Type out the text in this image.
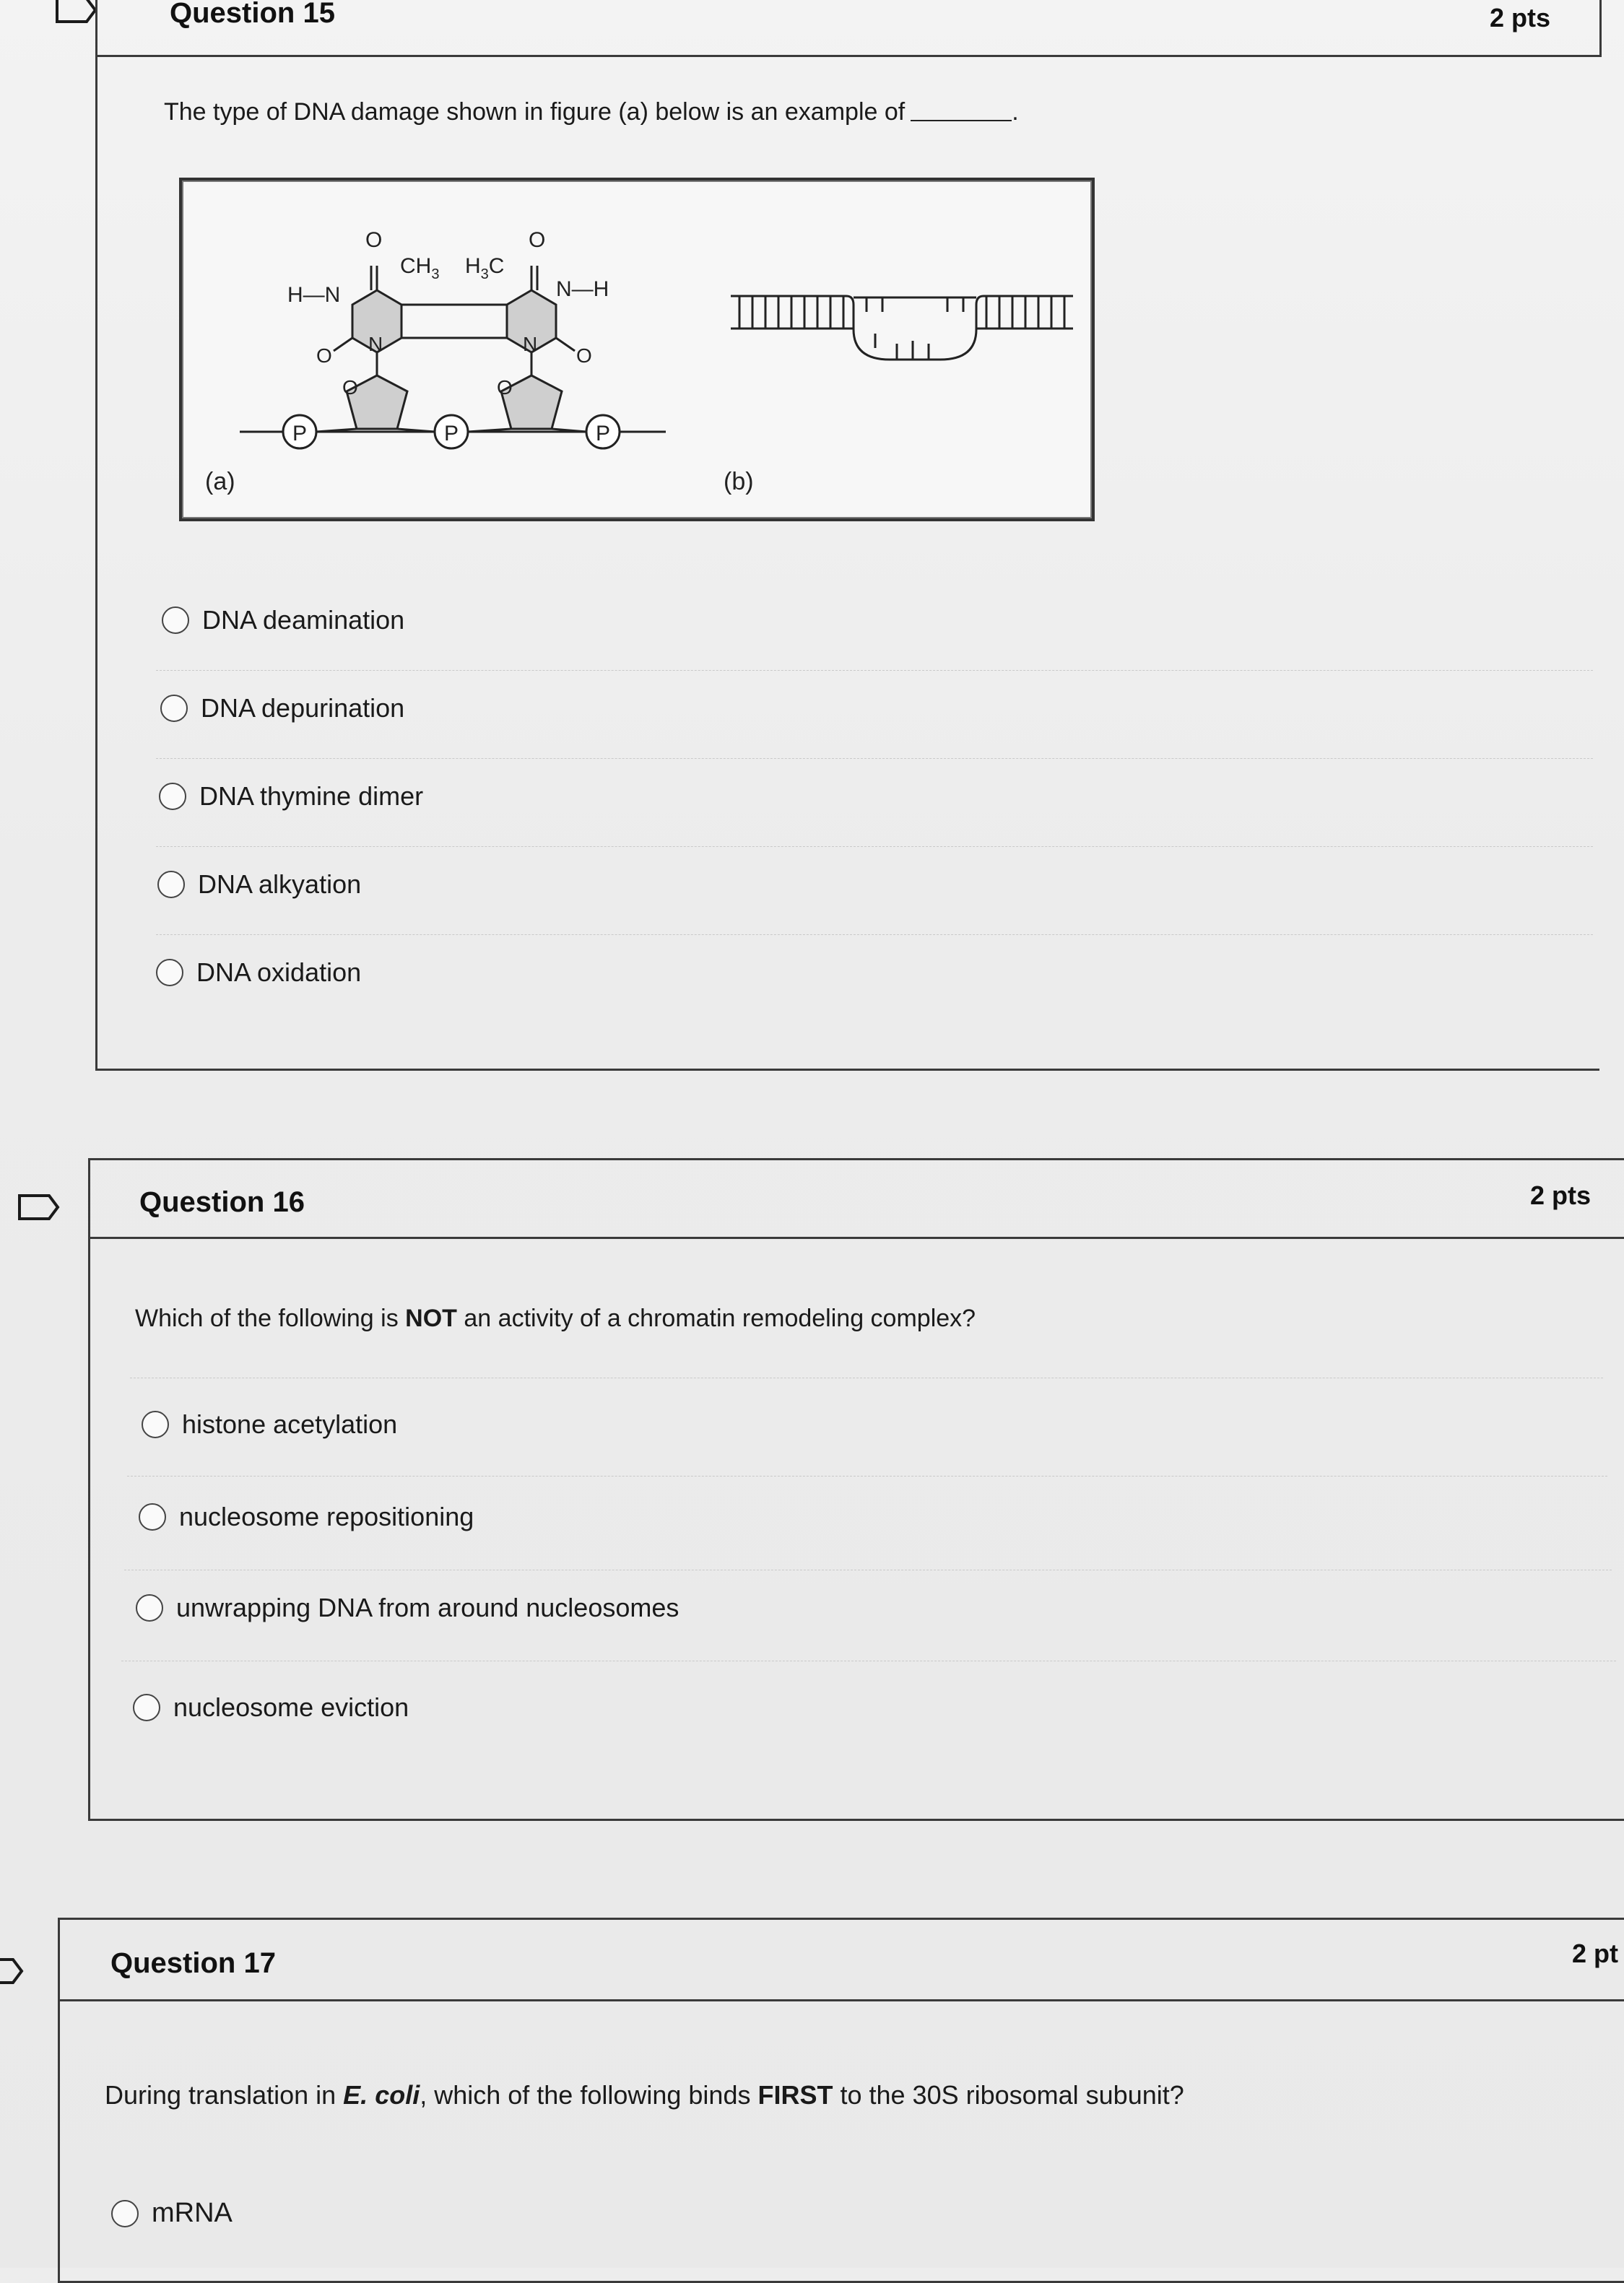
Question 15	2 pts
The type of DNA damage shown in figure (a) below is an example of	.
P	P	P
O	O
O	O
O	O
$CH_3$ $H_3C$
H—N	N—H
N	N
(a)	(b)
DNA deamination
DNA depurination
DNA thymine dimer
DNA alkyation
DNA oxidation
Question 16	2 pts
Which of the following is NOT an activity of a chromatin remodeling complex?
histone acetylation
nucleosome repositioning
unwrapping DNA from around nucleosomes
nucleosome eviction
Question 17	2 pt
During translation in E. coli, which of the following binds FIRST to the 30S ribosomal subunit?
mRNA
